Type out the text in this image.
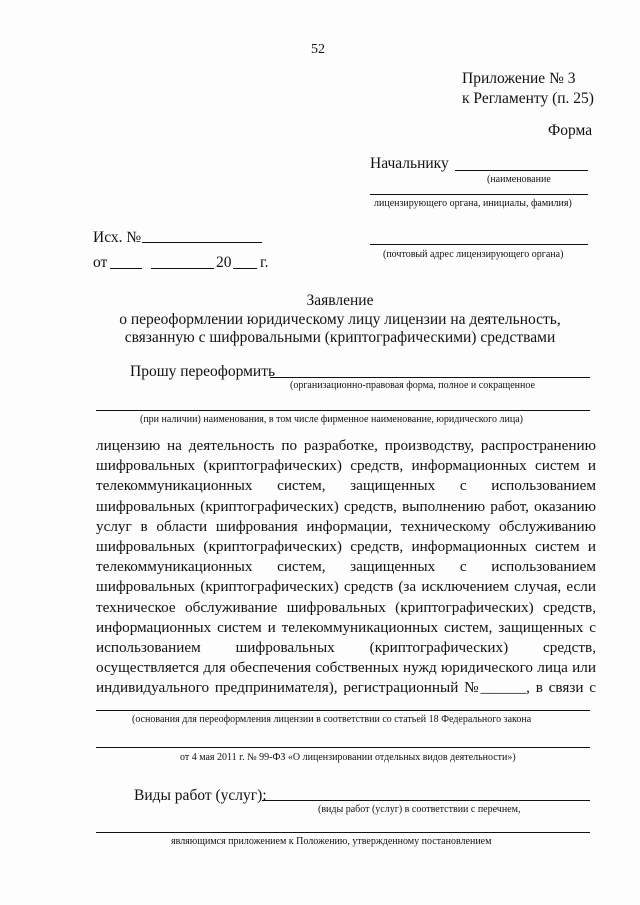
52
Приложение № 3
к Регламенту (п. 25)
Форма
Начальнику
(наименование
лицензирующего органа, инициалы, фамилия)
(почтовый адрес лицензирующего органа)
Исх. №
от	20 г.
Заявление
о переоформлении юридическому лицу лицензии на деятельность,
связанную с шифровальными (криптографическими) средствами
Прошу переоформить
(организационно-правовая форма, полное и сокращенное
(при наличии) наименования, в том числе фирменное наименование, юридического лица)
лицензию на деятельность по разработке, производству, распространению
шифровальных (криптографических) средств, информационных систем и
телекоммуникационных систем, защищенных с использованием
шифровальных (криптографических) средств, выполнению работ, оказанию
услуг в области шифрования информации, техническому обслуживанию
шифровальных (криптографических) средств, информационных систем и
телекоммуникационных систем, защищенных с использованием
шифровальных (криптографических) средств (за исключением случая, если
техническое обслуживание шифровальных (криптографических) средств,
информационных систем и телекоммуникационных систем, защищенных с
использованием шифровальных (криптографических) средств,
осуществляется для обеспечения собственных нужд юридического лица или
индивидуального предпринимателя), регистрационный №______, в связи с
(основания для переоформления лицензии в соответствии со статьей 18 Федерального закона
от 4 мая 2011 г. № 99-ФЗ «О лицензировании отдельных видов деятельности»)
Виды работ (услуг):
(виды работ (услуг) в соответствии с перечнем,
являющимся приложением к Положению, утвержденному постановлением
